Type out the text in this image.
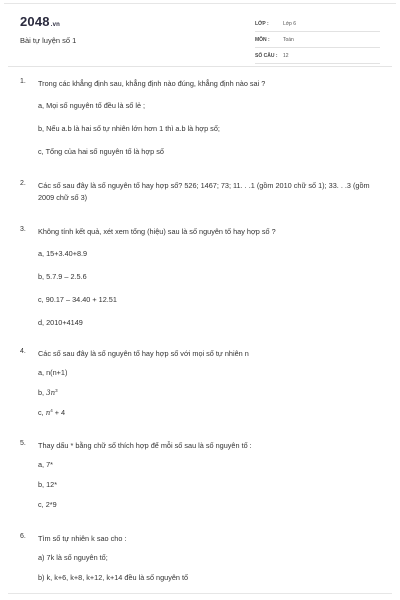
2048.vn
Bài tự luyện số 1
LỚP :	Lớp 6
MÔN :	Toán
SỐ CÂU :	12
1. Trong các khẳng định sau, khẳng định nào đúng, khẳng định nào sai ?
a, Mọi số nguyên tố đều là số lẻ ;
b, Nếu a.b là hai số tự nhiên lớn hơn 1 thì a.b là hợp số;
c, Tổng của hai số nguyên tố là hợp số
2. Các số sau đây là số nguyên tố hay hợp số? 526; 1467; 73; 11. . .1 (gồm 2010 chữ số 1); 33. . .3 (gồm 2009 chữ số 3)
3. Không tính kết quả, xét xem tổng (hiệu) sau là số nguyên tố hay hợp số ?
a, 15+3.40+8.9
b, 5.7.9 – 2.5.6
c, 90.17 – 34.40 + 12.51
d, 2010+4149
4. Các số sau đây là số nguyên tố hay hợp số với mọi số tự nhiên n
a, n(n+1)
b, $3n^3$
c, $n^4 + 4$
5. Thay dấu * bằng chữ số thích hợp để mỗi số sau là số nguyên tố :
a, 7*
b, 12*
c, 2*9
6. Tìm số tự nhiên k sao cho :
a) 7k là số nguyên tố;
b) k, k+6, k+8, k+12, k+14 đều là số nguyên tố
